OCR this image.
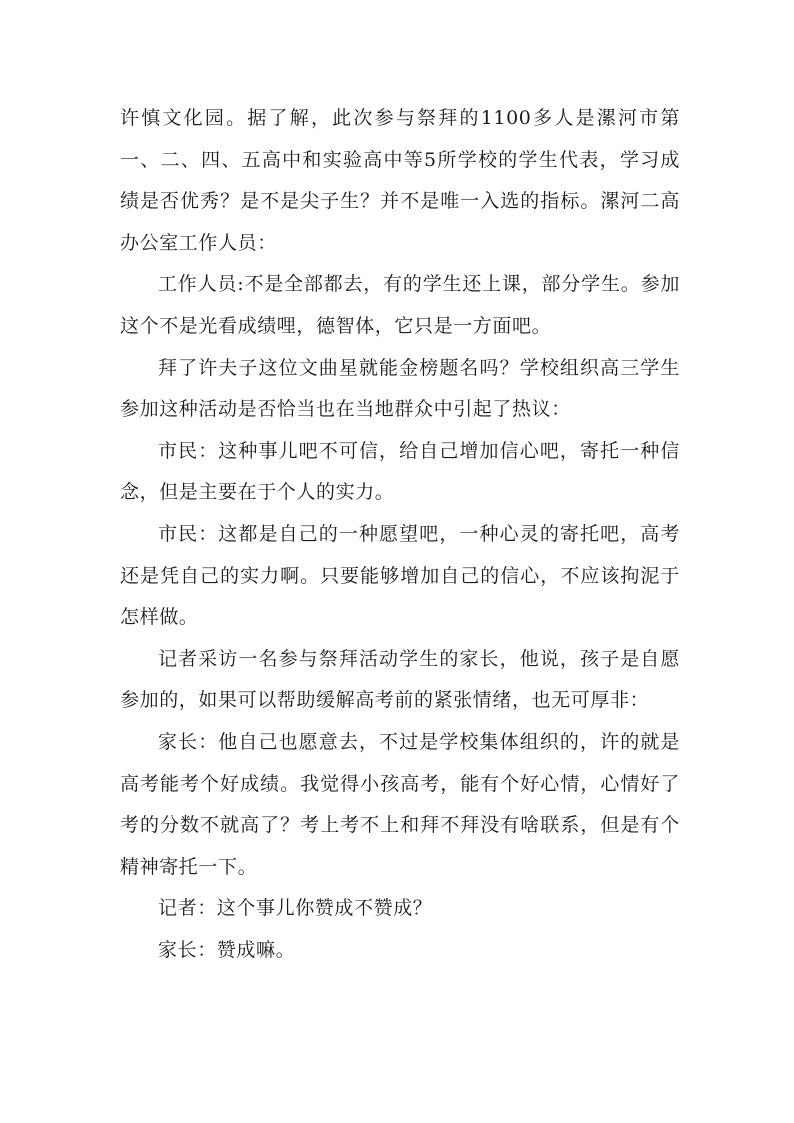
许慎文化园。据了解，此次参与祭拜的1100多人是漯河市第一、二、四、五高中和实验高中等5所学校的学生代表，学习成绩是否优秀？是不是尖子生？并不是唯一入选的指标。漯河二高办公室工作人员：

工作人员:不是全部都去，有的学生还上课，部分学生。参加这个不是光看成绩哩，德智体，它只是一方面吧。

拜了许夫子这位文曲星就能金榜题名吗？学校组织高三学生参加这种活动是否恰当也在当地群众中引起了热议：

市民：这种事儿吧不可信，给自己增加信心吧，寄托一种信念，但是主要在于个人的实力。

市民：这都是自己的一种愿望吧，一种心灵的寄托吧，高考还是凭自己的实力啊。只要能够增加自己的信心，不应该拘泥于怎样做。

记者采访一名参与祭拜活动学生的家长，他说，孩子是自愿参加的，如果可以帮助缓解高考前的紧张情绪，也无可厚非：

家长：他自己也愿意去，不过是学校集体组织的，许的就是高考能考个好成绩。我觉得小孩高考，能有个好心情，心情好了考的分数不就高了？考上考不上和拜不拜没有啥联系，但是有个精神寄托一下。

记者：这个事儿你赞成不赞成？

家长：赞成嘛。
